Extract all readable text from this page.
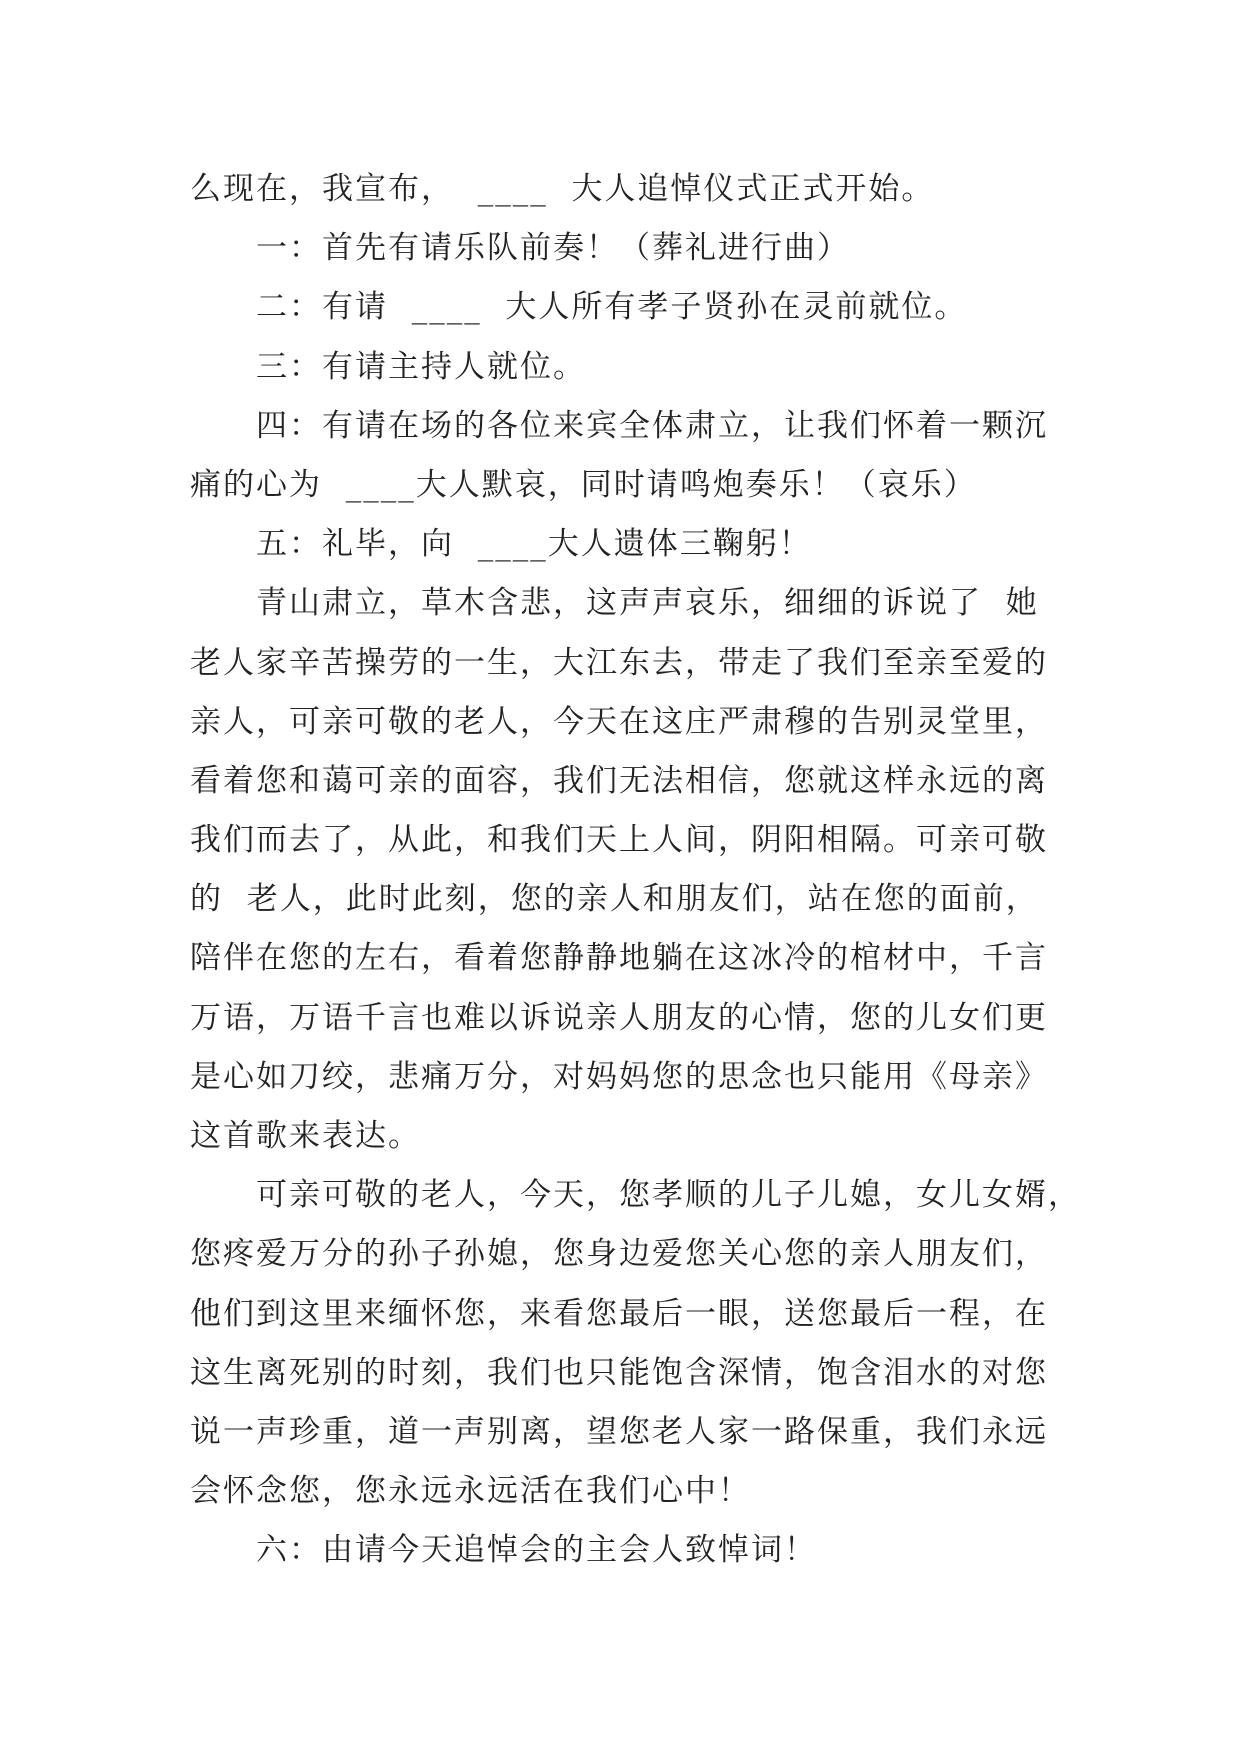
么现在，我宣布，  ____  大人追悼仪式正式开始。
一：首先有请乐队前奏！（葬礼进行曲）
二：有请  ____  大人所有孝子贤孙在灵前就位。
三：有请主持人就位。
四：有请在场的各位来宾全体肃立，让我们怀着一颗沉
痛的心为  ____大人默哀，同时请鸣炮奏乐！（哀乐）
五：礼毕，向  ____大人遗体三鞠躬！
青山肃立，草木含悲，这声声哀乐，细细的诉说了  她
老人家辛苦操劳的一生，大江东去，带走了我们至亲至爱的
亲人，可亲可敬的老人，今天在这庄严肃穆的告别灵堂里，
看着您和蔼可亲的面容，我们无法相信，您就这样永远的离
我们而去了，从此，和我们天上人间，阴阳相隔。可亲可敬
的  老人，此时此刻，您的亲人和朋友们，站在您的面前，
陪伴在您的左右，看着您静静地躺在这冰冷的棺材中，千言
万语，万语千言也难以诉说亲人朋友的心情，您的儿女们更
是心如刀绞，悲痛万分，对妈妈您的思念也只能用《母亲》
这首歌来表达。
可亲可敬的老人，今天，您孝顺的儿子儿媳，女儿女婿，
您疼爱万分的孙子孙媳，您身边爱您关心您的亲人朋友们，
他们到这里来缅怀您，来看您最后一眼，送您最后一程，在
这生离死别的时刻，我们也只能饱含深情，饱含泪水的对您
说一声珍重，道一声别离，望您老人家一路保重，我们永远
会怀念您，您永远永远活在我们心中！
六：由请今天追悼会的主会人致悼词！
